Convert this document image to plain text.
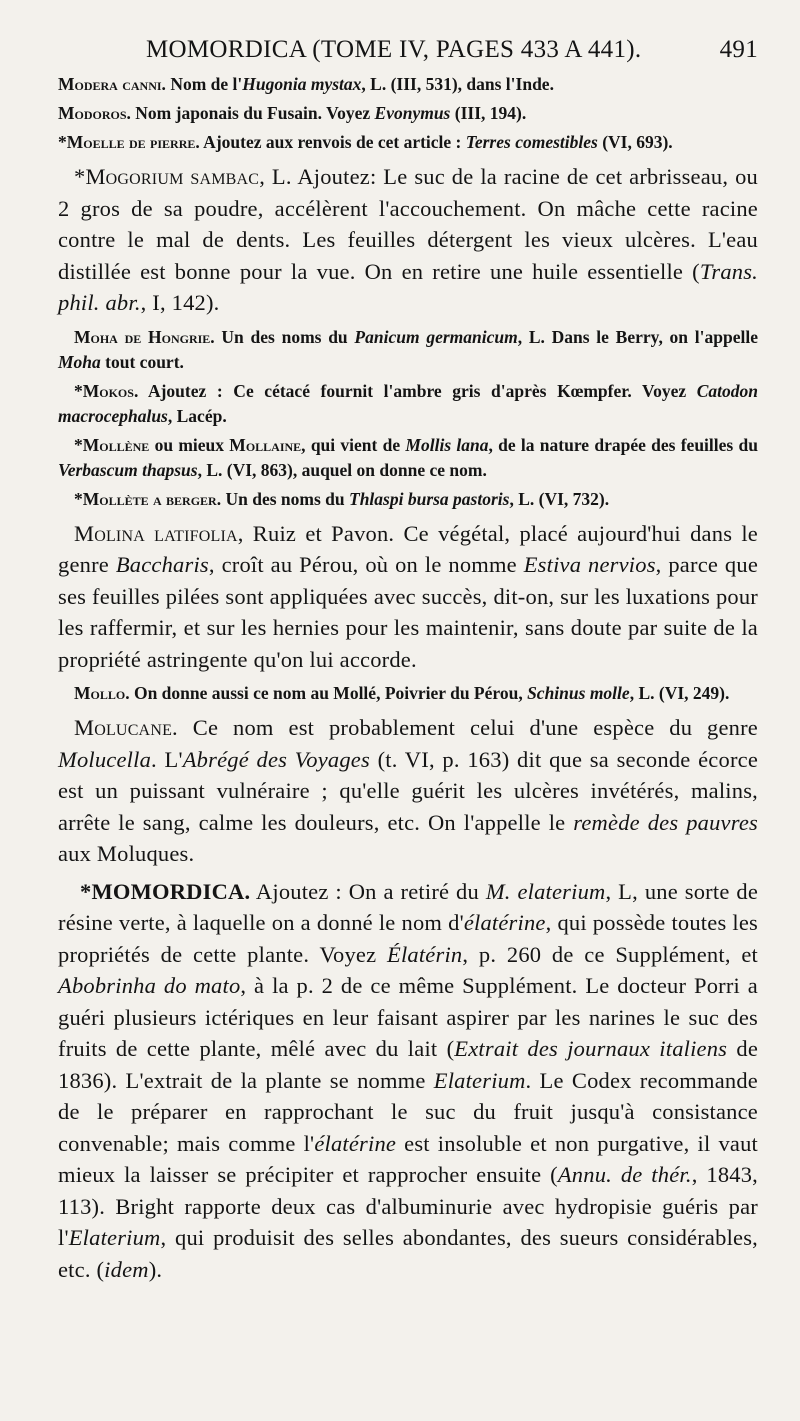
MOMORDICA (TOME IV, PAGES 433 A 441).	491

Modera canni. Nom de l'Hugonia mystax, L. (III, 531), dans l'Inde.

Modoros. Nom japonais du Fusain. Voyez Evonymus (III, 194).

*Moelle de pierre. Ajoutez aux renvois de cet article : Terres comestibles (VI, 693).

*Mogorium sambac, L. Ajoutez: Le suc de la racine de cet arbrisseau, ou 2 gros de sa poudre, accélèrent l'accouchement. On mâche cette racine contre le mal de dents. Les feuilles détergent les vieux ulcères. L'eau distillée est bonne pour la vue. On en retire une huile essentielle (Trans. phil. abr., I, 142).

Moha de Hongrie. Un des noms du Panicum germanicum, L. Dans le Berry, on l'appelle Moha tout court.

*Mokos. Ajoutez : Ce cétacé fournit l'ambre gris d'après Kœmpfer. Voyez Catodon macrocephalus, Lacép.

*Mollène ou mieux Mollaine, qui vient de Mollis lana, de la nature drapée des feuilles du Verbascum thapsus, L. (VI, 863), auquel on donne ce nom.

*Mollète a berger. Un des noms du Thlaspi bursa pastoris, L. (VI, 732).

Molina latifolia, Ruiz et Pavon. Ce végétal, placé aujourd'hui dans le genre Baccharis, croît au Pérou, où on le nomme Estiva nervios, parce que ses feuilles pilées sont appliquées avec succès, dit-on, sur les luxations pour les raffermir, et sur les hernies pour les maintenir, sans doute par suite de la propriété astringente qu'on lui accorde.

Mollo. On donne aussi ce nom au Mollé, Poivrier du Pérou, Schinus molle, L. (VI, 249).

Molucane. Ce nom est probablement celui d'une espèce du genre Molucella. L'Abrégé des Voyages (t. VI, p. 163) dit que sa seconde écorce est un puissant vulnéraire ; qu'elle guérit les ulcères invétérés, malins, arrête le sang, calme les douleurs, etc. On l'appelle le remède des pauvres aux Moluques.

*MOMORDICA. Ajoutez : On a retiré du M. elaterium, L, une sorte de résine verte, à laquelle on a donné le nom d'élatérine, qui possède toutes les propriétés de cette plante. Voyez Élatérin, p. 260 de ce Supplément, et Abobrinha do mato, à la p. 2 de ce même Supplément. Le docteur Porri a guéri plusieurs ictériques en leur faisant aspirer par les narines le suc des fruits de cette plante, mêlé avec du lait (Extrait des journaux italiens de 1836). L'extrait de la plante se nomme Elaterium. Le Codex recommande de le préparer en rapprochant le suc du fruit jusqu'à consistance convenable; mais comme l'élatérine est insoluble et non purgative, il vaut mieux la laisser se précipiter et rapprocher ensuite (Annu. de thér., 1843, 113). Bright rapporte deux cas d'albuminurie avec hydropisie guéris par l'Elaterium, qui produisit des selles abondantes, des sueurs considérables, etc. (idem).
